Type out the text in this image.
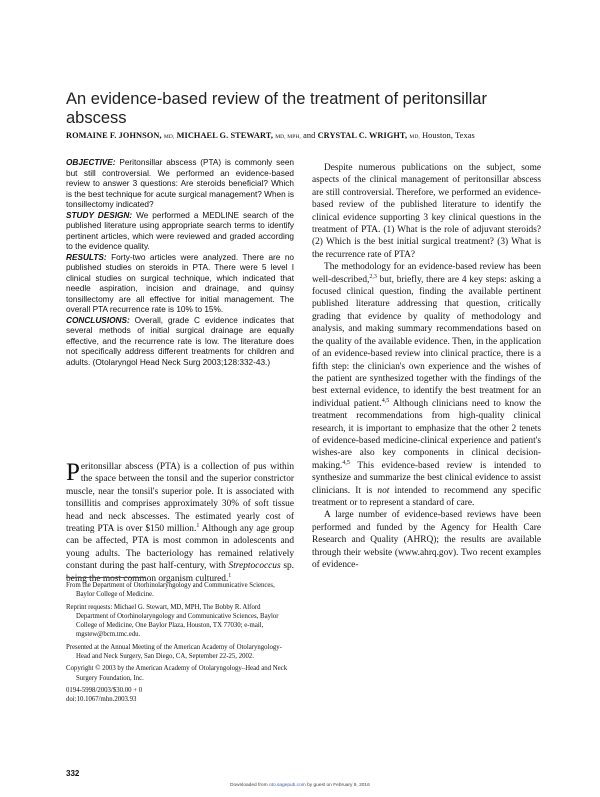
An evidence-based review of the treatment of peritonsillar abscess
ROMAINE F. JOHNSON, MD, MICHAEL G. STEWART, MD, MPH, and CRYSTAL C. WRIGHT, MD, Houston, Texas

OBJECTIVE: Peritonsillar abscess (PTA) is commonly seen but still controversial. We performed an evidence-based review to answer 3 questions: Are steroids beneficial? Which is the best technique for acute surgical management? When is tonsillectomy indicated?

STUDY DESIGN: We performed a MEDLINE search of the published literature using appropriate search terms to identify pertinent articles, which were reviewed and graded according to the evidence quality.

RESULTS: Forty-two articles were analyzed. There are no published studies on steroids in PTA. There were 5 level I clinical studies on surgical technique, which indicated that needle aspiration, incision and drainage, and quinsy tonsillectomy are all effective for initial management. The overall PTA recurrence rate is 10% to 15%.

CONCLUSIONS: Overall, grade C evidence indicates that several methods of initial surgical drainage are equally effective, and the recurrence rate is low. The literature does not specifically address different treatments for children and adults. (Otolaryngol Head Neck Surg 2003;128:332-43.)

Peritonsillar abscess (PTA) is a collection of pus within the space between the tonsil and the superior constrictor muscle, near the tonsil's superior pole. It is associated with tonsillitis and comprises approximately 30% of soft tissue head and neck abscesses. The estimated yearly cost of treating PTA is over $150 million.$^1$ Although any age group can be affected, PTA is most common in adolescents and young adults. The bacteriology has remained relatively constant during the past half-century, with Streptococcus sp. being the most common organism cultured.$^1$

Despite numerous publications on the subject, some aspects of the clinical management of peritonsillar abscess are still controversial. Therefore, we performed an evidence-based review of the published literature to identify the clinical evidence supporting 3 key clinical questions in the treatment of PTA. (1) What is the role of adjuvant steroids? (2) Which is the best initial surgical treatment? (3) What is the recurrence rate of PTA?

The methodology for an evidence-based review has been well-described,$^{2,3}$ but, briefly, there are 4 key steps: asking a focused clinical question, finding the available pertinent published literature addressing that question, critically grading that evidence by quality of methodology and analysis, and making summary recommendations based on the quality of the available evidence. Then, in the application of an evidence-based review into clinical practice, there is a fifth step: the clinician's own experience and the wishes of the patient are synthesized together with the findings of the best external evidence, to identify the best treatment for an individual patient.$^{4,5}$ Although clinicians need to know the treatment recommendations from high-quality clinical research, it is important to emphasize that the other 2 tenets of evidence-based medicine-clinical experience and patient's wishes-are also key components in clinical decision-making.$^{4,5}$ This evidence-based review is intended to synthesize and summarize the best clinical evidence to assist clinicians. It is not intended to recommend any specific treatment or to represent a standard of care.

A large number of evidence-based reviews have been performed and funded by the Agency for Health Care Research and Quality (AHRQ); the results are available through their website (www.ahrq.gov). Two recent examples of evidence-

From the Department of Otorhinolaryngology and Communicative Sciences, Baylor College of Medicine.

Reprint requests: Michael G. Stewart, MD, MPH, The Bobby R. Alford Department of Otorhinolaryngology and Communicative Sciences, Baylor College of Medicine, One Baylor Plaza, Houston, TX 77030; e-mail, mgstew@bcm.tmc.edu.

Presented at the Annual Meeting of the American Academy of Otolaryngology-Head and Neck Surgery, San Diego, CA, September 22-25, 2002.

Copyright © 2003 by the American Academy of Otolaryngology–Head and Neck Surgery Foundation, Inc.

0194-5998/2003/$30.00 + 0

doi:10.1067/mhn.2003.93

332
Downloaded from oto.sagepub.com by guest on February 9, 2016
